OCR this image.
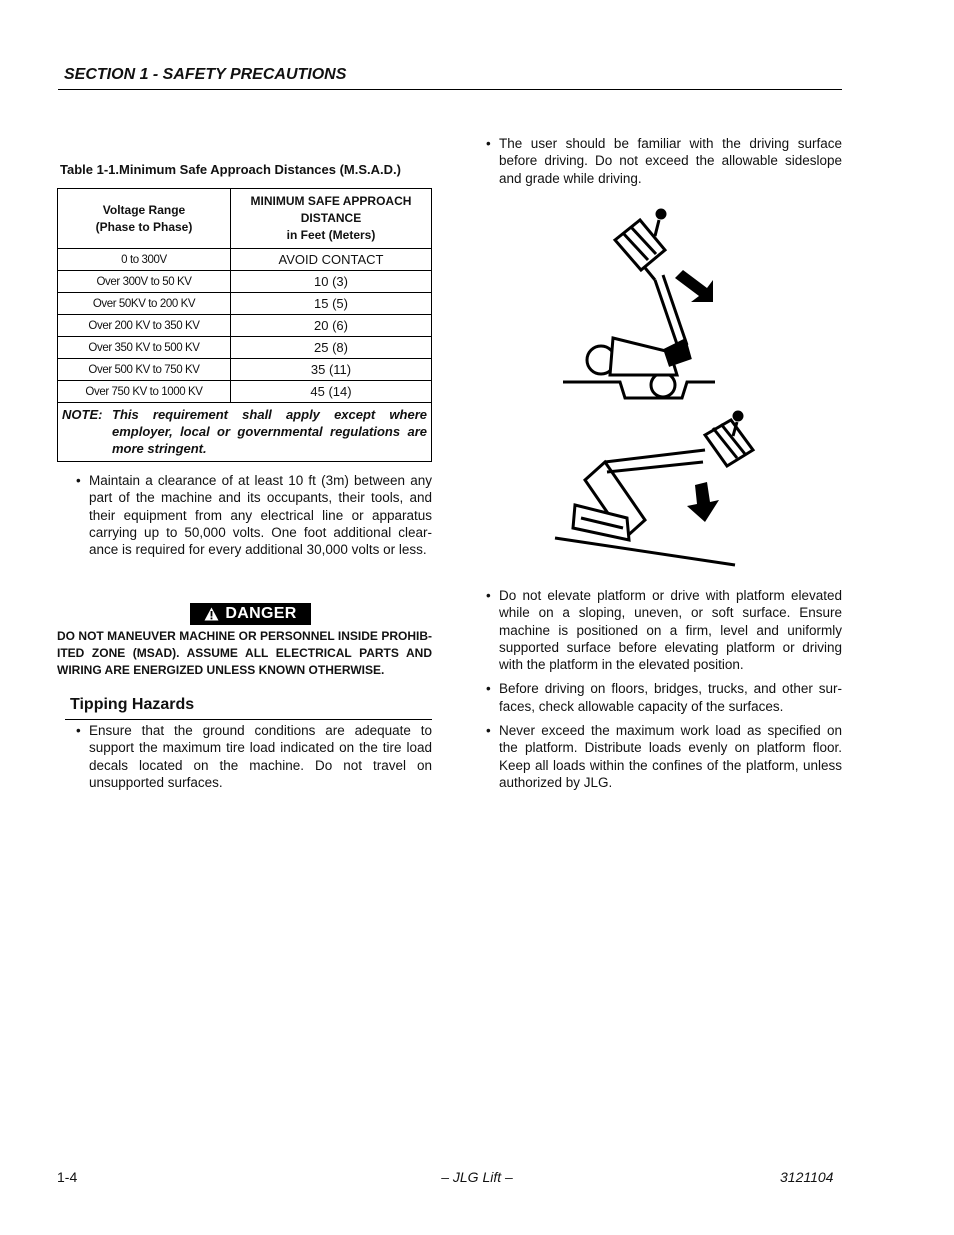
SECTION 1 - SAFETY PRECAUTIONS
Table 1-1.Minimum Safe Approach Distances (M.S.A.D.)
Voltage Range
(Phase to Phase)	MINIMUM SAFE APPROACH
DISTANCE
in Feet (Meters)
0 to 300V	AVOID CONTACT
Over 300V to 50 KV	10 (3)
Over 50KV to 200 KV	15 (5)
Over 200 KV to 350 KV	20 (6)
Over 350 KV to 500 KV	25 (8)
Over 500 KV to 750 KV	35 (11)
Over 750 KV to 1000 KV	45 (14)

NOTE: This requirement shall apply except where employer, local or governmental regulations are more stringent.	
• Maintain a clearance of at least 10 ft (3m) between any part of the machine and its occupants, their tools, and their equipment from any electrical line or apparatus carrying up to 50,000 volts. One foot additional clear-ance is required for every additional 30,000 volts or less.
DANGER
DO NOT MANEUVER MACHINE OR PERSONNEL INSIDE PROHIB-ITED ZONE (MSAD). ASSUME ALL ELECTRICAL PARTS AND WIRING ARE ENERGIZED UNLESS KNOWN OTHERWISE.
Tipping Hazards
• Ensure that the ground conditions are adequate to support the maximum tire load indicated on the tire load decals located on the machine. Do not travel on unsupported surfaces.
• The user should be familiar with the driving surface before driving. Do not exceed the allowable sideslope and grade while driving.
• Do not elevate platform or drive with platform elevated while on a sloping, uneven, or soft surface. Ensure machine is positioned on a firm, level and uniformly supported surface before elevating platform or driving with the platform in the elevated position.
• Before driving on floors, bridges, trucks, and other sur-faces, check allowable capacity of the surfaces.
• Never exceed the maximum work load as specified on the platform. Distribute loads evenly on platform floor. Keep all loads within the confines of the platform, unless authorized by JLG.
1-4	– JLG Lift –	3121104
